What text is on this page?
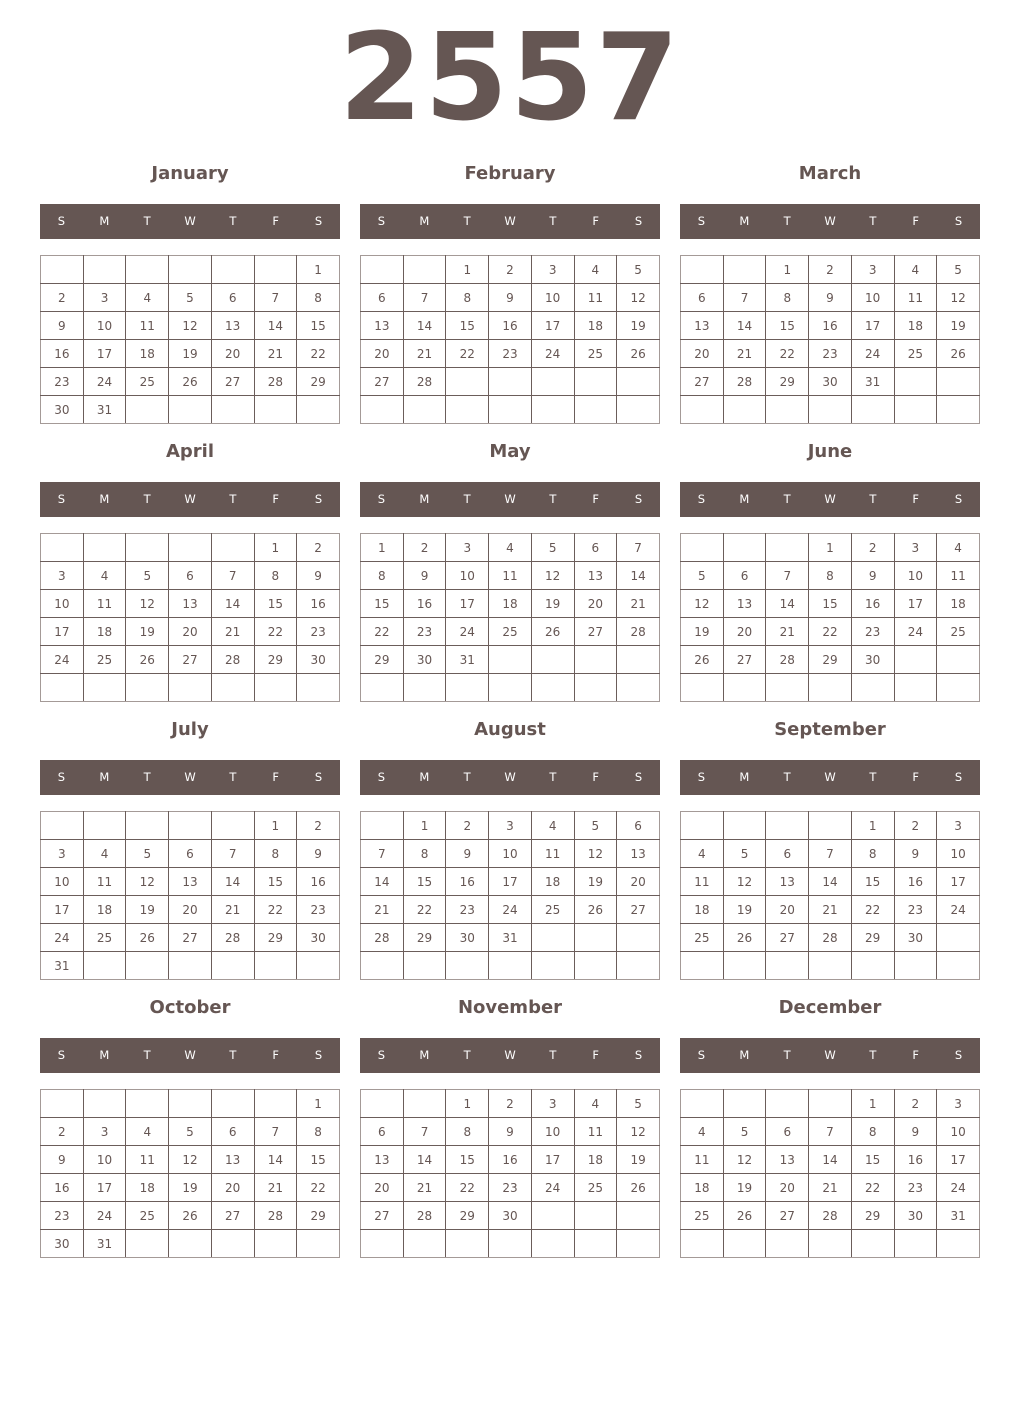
2557
January
S	M	T	W	T	F	S
						1
2	3	4	5	6	7	8
9	10	11	12	13	14	15
16	17	18	19	20	21	22
23	24	25	26	27	28	29
30	31					
February
S	M	T	W	T	F	S
		1	2	3	4	5
6	7	8	9	10	11	12
13	14	15	16	17	18	19
20	21	22	23	24	25	26
27	28					

March
S	M	T	W	T	F	S
		1	2	3	4	5
6	7	8	9	10	11	12
13	14	15	16	17	18	19
20	21	22	23	24	25	26
27	28	29	30	31		

April
S	M	T	W	T	F	S
					1	2
3	4	5	6	7	8	9
10	11	12	13	14	15	16
17	18	19	20	21	22	23
24	25	26	27	28	29	30

May
S	M	T	W	T	F	S
1	2	3	4	5	6	7
8	9	10	11	12	13	14
15	16	17	18	19	20	21
22	23	24	25	26	27	28
29	30	31				

June
S	M	T	W	T	F	S
			1	2	3	4
5	6	7	8	9	10	11
12	13	14	15	16	17	18
19	20	21	22	23	24	25
26	27	28	29	30		

July
S	M	T	W	T	F	S
					1	2
3	4	5	6	7	8	9
10	11	12	13	14	15	16
17	18	19	20	21	22	23
24	25	26	27	28	29	30
31						
August
S	M	T	W	T	F	S
	1	2	3	4	5	6
7	8	9	10	11	12	13
14	15	16	17	18	19	20
21	22	23	24	25	26	27
28	29	30	31			

September
S	M	T	W	T	F	S
				1	2	3
4	5	6	7	8	9	10
11	12	13	14	15	16	17
18	19	20	21	22	23	24
25	26	27	28	29	30	

October
S	M	T	W	T	F	S
						1
2	3	4	5	6	7	8
9	10	11	12	13	14	15
16	17	18	19	20	21	22
23	24	25	26	27	28	29
30	31					
November
S	M	T	W	T	F	S
		1	2	3	4	5
6	7	8	9	10	11	12
13	14	15	16	17	18	19
20	21	22	23	24	25	26
27	28	29	30			

December
S	M	T	W	T	F	S
				1	2	3
4	5	6	7	8	9	10
11	12	13	14	15	16	17
18	19	20	21	22	23	24
25	26	27	28	29	30	31
